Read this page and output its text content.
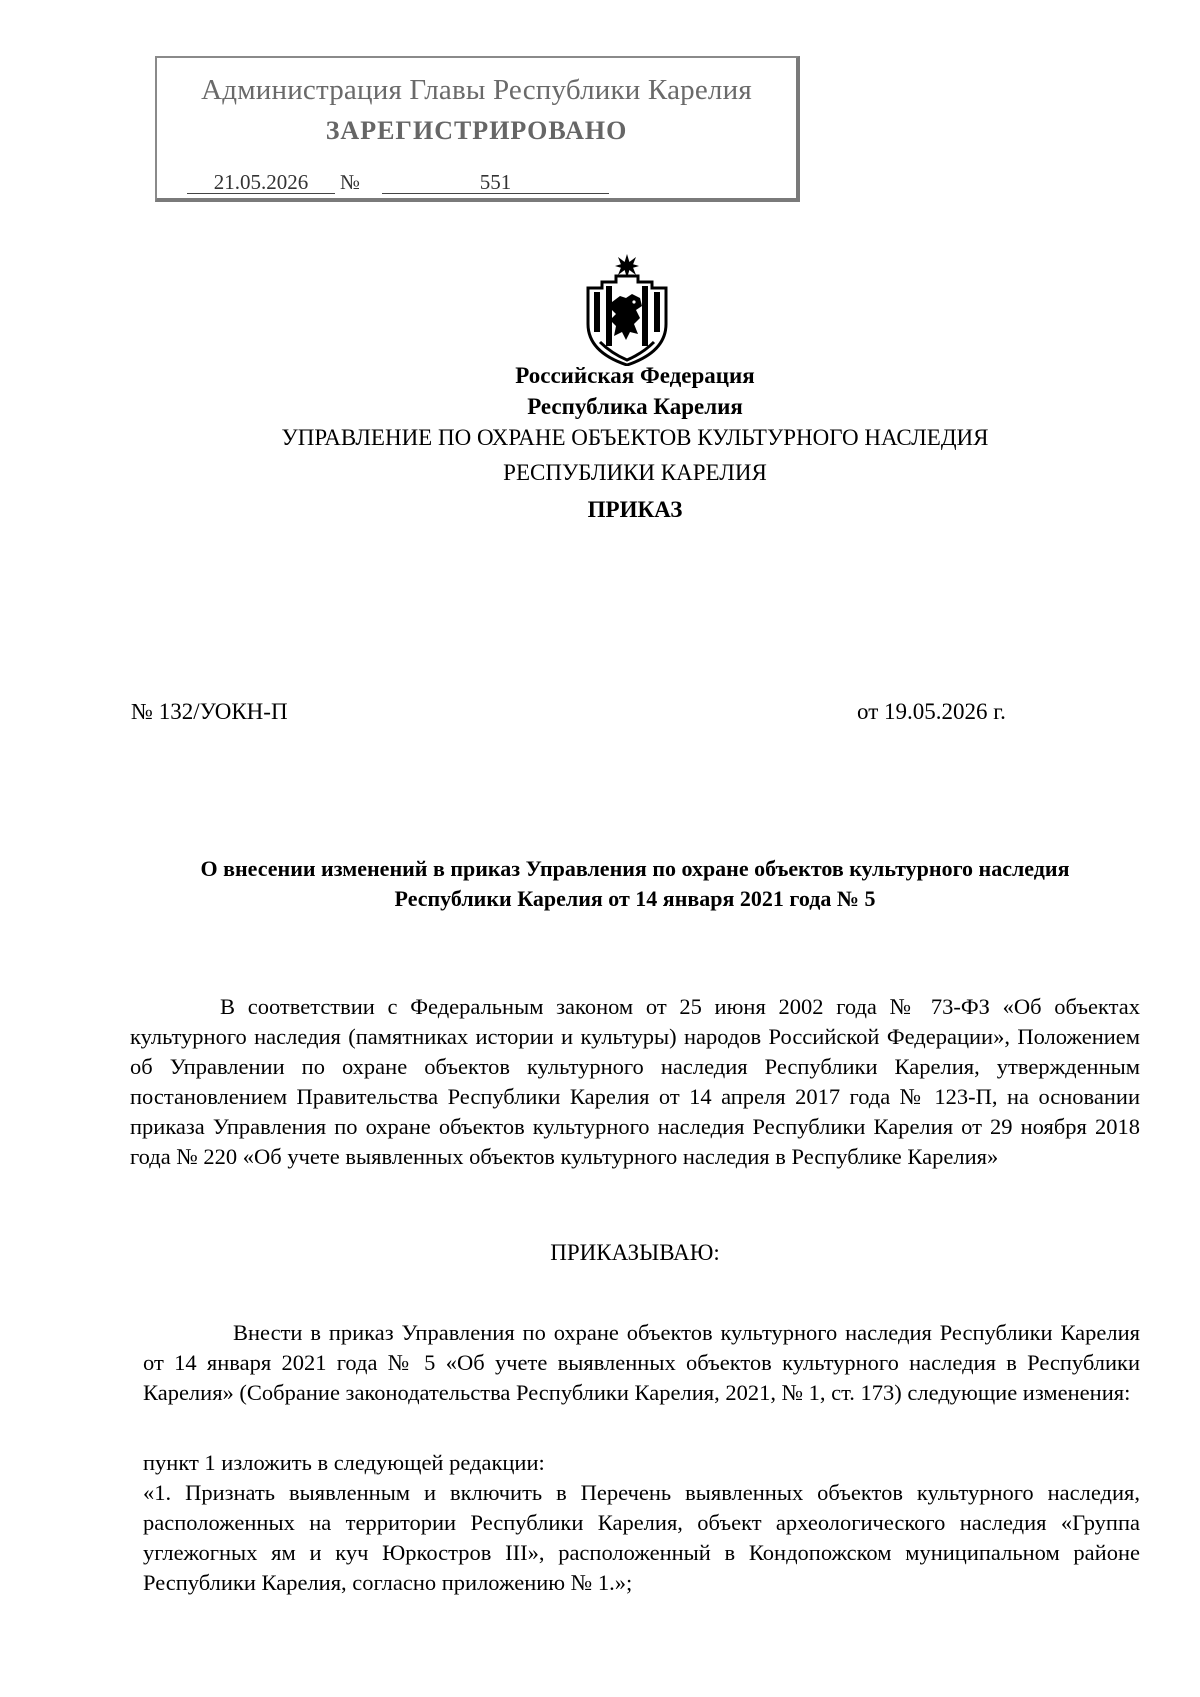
Администрация Главы Республики Карелия
ЗАРЕГИСТРИРОВАНО
21.05.2026	№	551
Российская Федерация
Республика Карелия
УПРАВЛЕНИЕ ПО ОХРАНЕ ОБЪЕКТОВ КУЛЬТУРНОГО НАСЛЕДИЯ
РЕСПУБЛИКИ КАРЕЛИЯ
ПРИКАЗ
№ 132/УОКН-П	от 19.05.2026 г.
О внесении изменений в приказ Управления по охране объектов культурного наследия
Республики Карелия от 14 января 2021 года № 5
В соответствии с Федеральным законом от 25 июня 2002 года № 73-ФЗ «Об объектах культурного наследия (памятниках истории и культуры) народов Российской Федерации», Положением об Управлении по охране объектов культурного наследия Республики Карелия, утвержденным постановлением Правительства Республики Карелия от 14 апреля 2017 года № 123-П, на основании приказа Управления по охране объектов культурного наследия Республики Карелия от 29 ноября 2018 года № 220 «Об учете выявленных объектов культурного наследия в Республике Карелия»
ПРИКАЗЫВАЮ:
Внести в приказ Управления по охране объектов культурного наследия Республики Карелия от 14 января 2021 года № 5 «Об учете выявленных объектов культурного наследия в Республики Карелия» (Собрание законодательства Республики Карелия, 2021, № 1, ст. 173) следующие изменения:
пункт 1 изложить в следующей редакции:
«1. Признать выявленным и включить в Перечень выявленных объектов культурного наследия, расположенных на территории Республики Карелия, объект археологического наследия «Группа углежогных ям и куч Юркостров III», расположенный в Кондопожском муниципальном районе Республики Карелия, согласно приложению № 1.»;
